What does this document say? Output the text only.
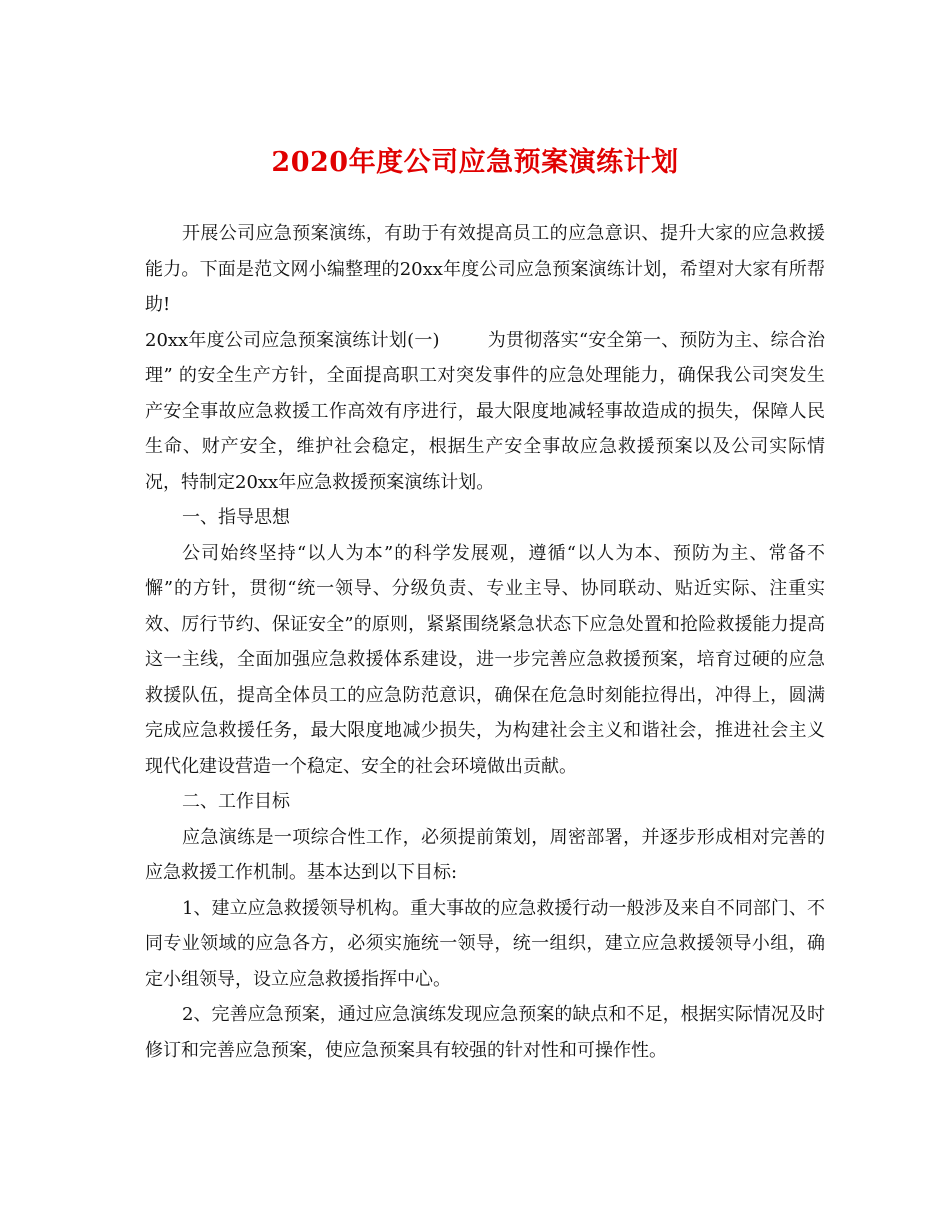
2020年度公司应急预案演练计划

开展公司应急预案演练，有助于有效提高员工的应急意识、提升大家的应急救援能力。下面是范文网小编整理的20xx年度公司应急预案演练计划，希望对大家有所帮助!

20xx年度公司应急预案演练计划(一)	为贯彻落实“安全第一、预防为主、综合治理” 的安全生产方针，全面提高职工对突发事件的应急处理能力，确保我公司突发生产安全事故应急救援工作高效有序进行，最大限度地减轻事故造成的损失，保障人民生命、财产安全，维护社会稳定，根据生产安全事故应急救援预案以及公司实际情况，特制定20xx年应急救援预案演练计划。

一、指导思想

公司始终坚持“以人为本”的科学发展观，遵循“以人为本、预防为主、常备不懈”的方针，贯彻“统一领导、分级负责、专业主导、协同联动、贴近实际、注重实效、厉行节约、保证安全”的原则，紧紧围绕紧急状态下应急处置和抢险救援能力提高这一主线，全面加强应急救援体系建设，进一步完善应急救援预案，培育过硬的应急救援队伍，提高全体员工的应急防范意识，确保在危急时刻能拉得出，冲得上，圆满完成应急救援任务，最大限度地减少损失，为构建社会主义和谐社会，推进社会主义现代化建设营造一个稳定、安全的社会环境做出贡献。

二、工作目标

应急演练是一项综合性工作，必须提前策划，周密部署，并逐步形成相对完善的应急救援工作机制。基本达到以下目标:

1、建立应急救援领导机构。重大事故的应急救援行动一般涉及来自不同部门、不同专业领域的应急各方，必须实施统一领导，统一组织，建立应急救援领导小组，确定小组领导，设立应急救援指挥中心。

2、完善应急预案，通过应急演练发现应急预案的缺点和不足，根据实际情况及时修订和完善应急预案，使应急预案具有较强的针对性和可操作性。
